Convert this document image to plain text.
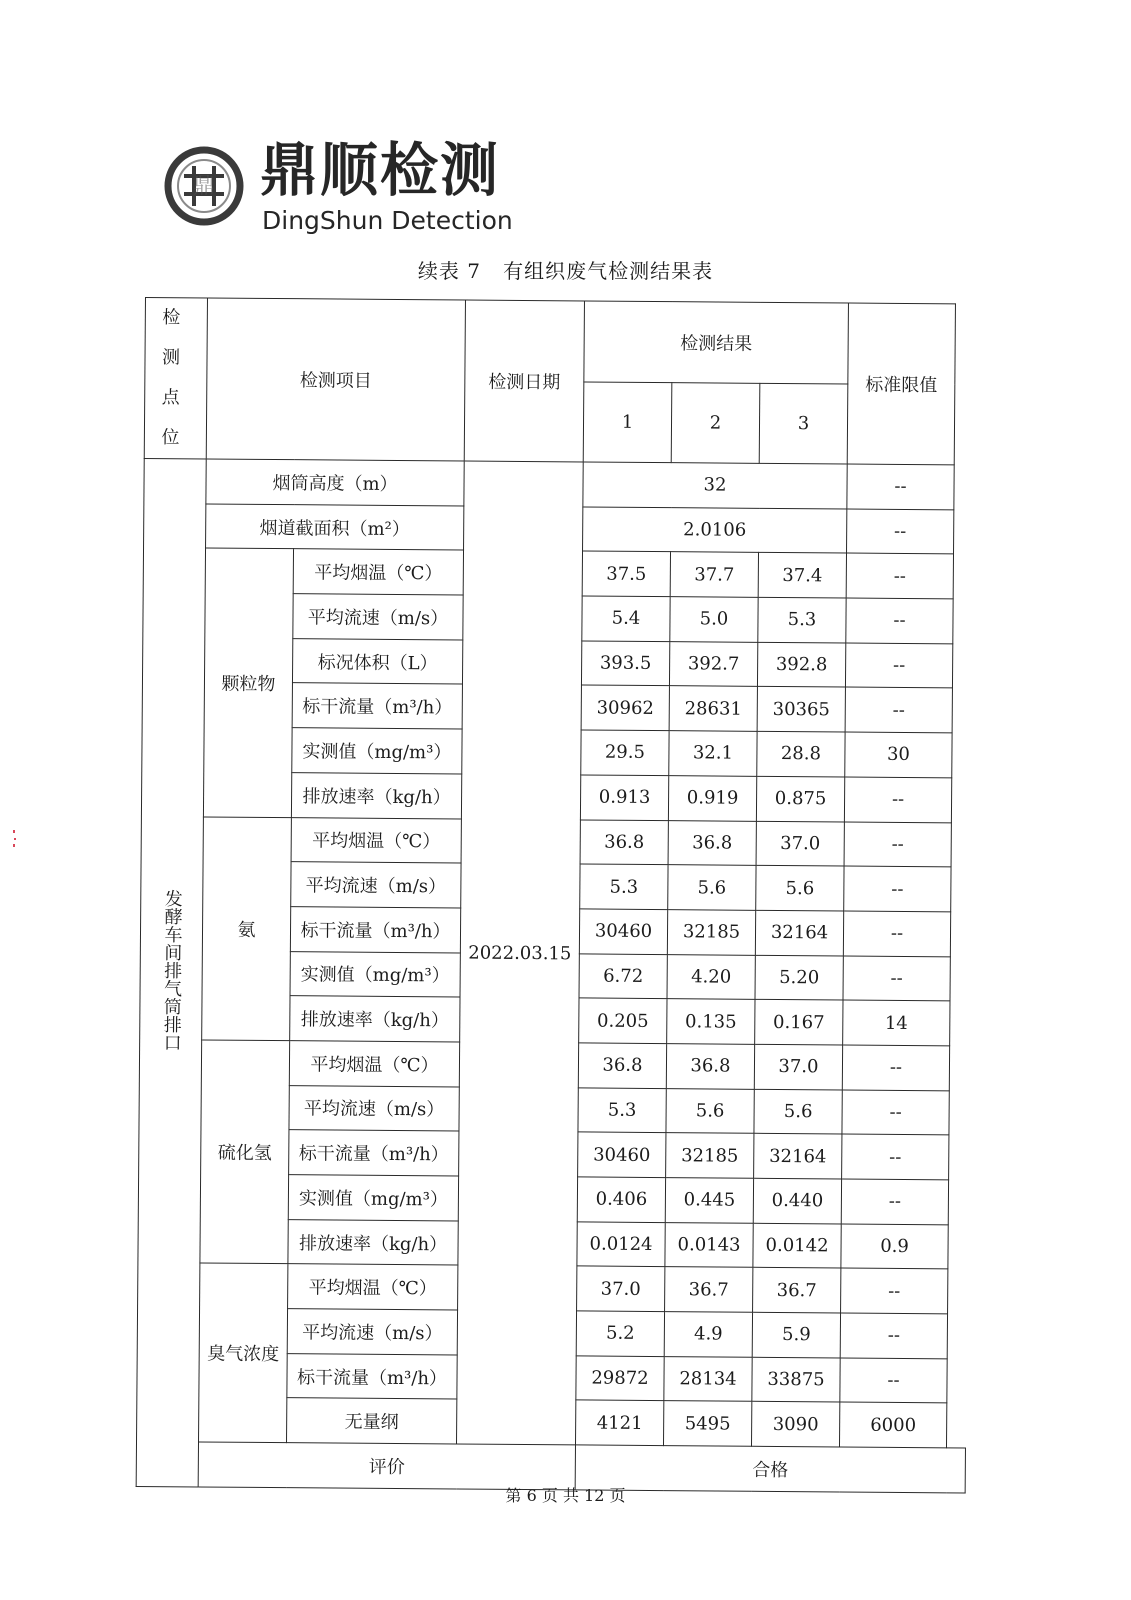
鼎 鼎顺检测
DingShun Detection
续表 7   有组织废气检测结果表
检测点位	检测项目		检测日期	检测结果			标准限值
				1	2	3	
发酵车间排气筒排口	烟筒高度（m）		2022.03.15	32			--
	烟道截面积（m²）			2.0106			--
	颗粒物	平均烟温（℃）		37.5	37.7	37.4	--
		平均流速（m/s）		5.4	5.0	5.3	--
		标况体积（L）		393.5	392.7	392.8	--
		标干流量（m³/h）		30962	28631	30365	--
		实测值（mg/m³）		29.5	32.1	28.8	30
		排放速率（kg/h）		0.913	0.919	0.875	--
	氨	平均烟温（℃）		36.8	36.8	37.0	--
		平均流速（m/s）		5.3	5.6	5.6	--
		标干流量（m³/h）		30460	32185	32164	--
		实测值（mg/m³）		6.72	4.20	5.20	--
		排放速率（kg/h）		0.205	0.135	0.167	14
	硫化氢	平均烟温（℃）		36.8	36.8	37.0	--
		平均流速（m/s）		5.3	5.6	5.6	--
		标干流量（m³/h）		30460	32185	32164	--
		实测值（mg/m³）		0.406	0.445	0.440	--
		排放速率（kg/h）		0.0124	0.0143	0.0142	0.9
	臭气浓度	平均烟温（℃）		37.0	36.7	36.7	--
		平均流速（m/s）		5.2	4.9	5.9	--
		标干流量（m³/h）		29872	28134	33875	--
		无量纲		4121	5495	3090	6000
	评价			合格			
第 6 页 共 12 页
